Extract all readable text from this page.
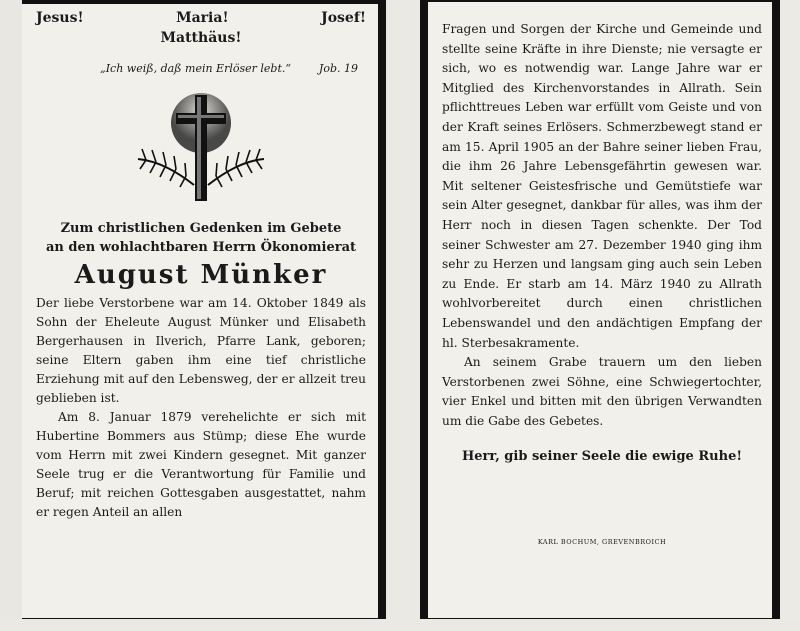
Jesus!	Maria!	Josef!
Matthäus!
„Ich weiß, daß mein Erlöser lebt.“	Job. 19
Zum christlichen Gedenken im Gebete
an den wohlachtbaren Herrn Ökonomierat
August Münker

Der liebe Verstorbene war am 14. Oktober 1849 als Sohn der Eheleute August Münker und Elisabeth Bergerhausen in Ilverich, Pfarre Lank, geboren; seine Eltern gaben ihm eine tief christliche Erziehung mit auf den Lebensweg, der er allzeit treu geblieben ist.

Am 8. Januar 1879 verehelichte er sich mit Hubertine Bommers aus Stümp; diese Ehe wurde vom Herrn mit zwei Kindern gesegnet. Mit ganzer Seele trug er die Verantwortung für Familie und Beruf; mit reichen Gottesgaben ausgestattet, nahm er regen Anteil an allen

Fragen und Sorgen der Kirche und Gemeinde und stellte seine Kräfte in ihre Dienste; nie versagte er sich, wo es notwendig war. Lange Jahre war er Mitglied des Kirchenvorstandes in Allrath. Sein pflichttreues Leben war erfüllt vom Geiste und von der Kraft seines Erlösers. Schmerzbewegt stand er am 15. April 1905 an der Bahre seiner lieben Frau, die ihm 26 Jahre Lebensgefährtin gewesen war. Mit seltener Geistesfrische und Gemütstiefe war sein Alter gesegnet, dankbar für alles, was ihm der Herr noch in diesen Tagen schenkte. Der Tod seiner Schwester am 27. Dezember 1940 ging ihm sehr zu Herzen und langsam ging auch sein Leben zu Ende. Er starb am 14. März 1940 zu Allrath wohlvorbereitet durch einen christlichen Lebenswandel und den andächtigen Empfang der hl. Sterbesakramente.

An seinem Grabe trauern um den lieben Verstorbenen zwei Söhne, eine Schwiegertochter, vier Enkel und bitten mit den übrigen Verwandten um die Gabe des Gebetes.

Herr, gib seiner Seele die ewige Ruhe!
KARL BOCHUM, GREVENBROICH
